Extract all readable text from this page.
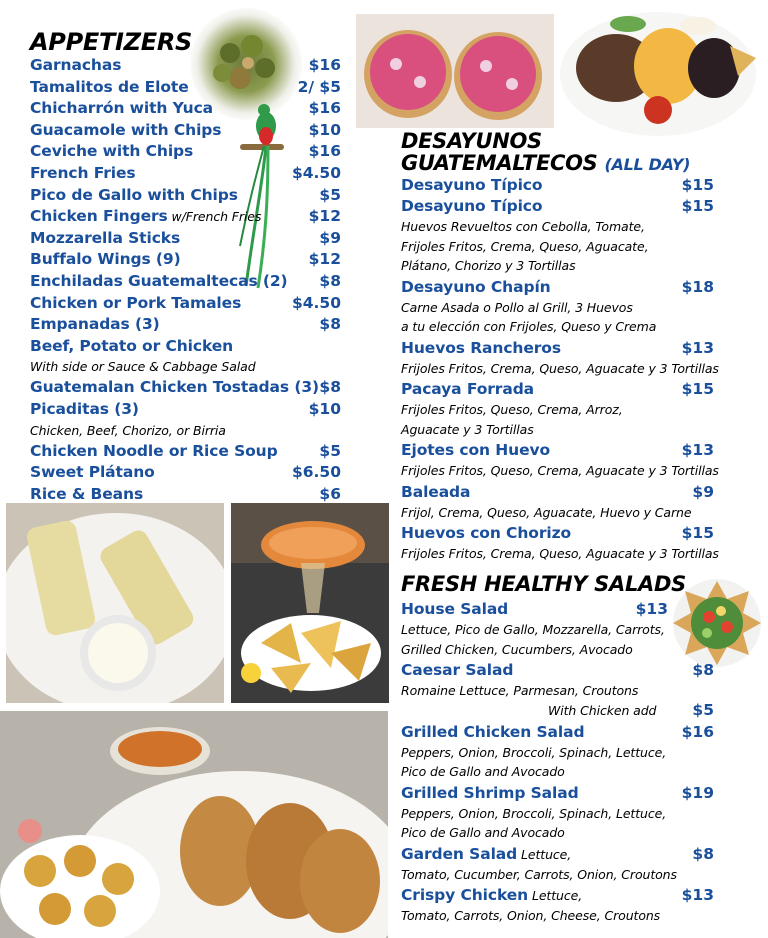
APPETIZERS
Garnachas	$16
Tamalitos de Elote	2/ $5
Chicharrón with Yuca	$16
Guacamole with Chips	$10
Ceviche with Chips	$16
French Fries	$4.50
Pico de Gallo with Chips	$5
Chicken Fingers w/French Fries	$12
Mozzarella Sticks	$9
Buffalo Wings (9)	$12
Enchiladas Guatemaltecas (2) $8
Chicken or Pork Tamales	$4.50
Empanadas (3)	$8
Beef, Potato or Chicken
With side or Sauce & Cabbage Salad
Guatemalan Chicken Tostadas (3) $8
Picaditas (3)	$10
Chicken, Beef, Chorizo, or Birria
Chicken Noodle or Rice Soup	$5
Sweet Plátano	$6.50
Rice & Beans	$6
DESAYUNOS
GUATEMALTECOS (ALL DAY)
Desayuno Típico	$15
Desayuno Típico	$15
Huevos Revueltos con Cebolla, Tomate,
Frijoles Fritos, Crema, Queso, Aguacate,
Plátano, Chorizo y 3 Tortillas
Desayuno Chapín	$18
Carne Asada o Pollo al Grill, 3 Huevos
a tu elección con Frijoles, Queso y Crema
Huevos Rancheros	$13
Frijoles Fritos, Crema, Queso, Aguacate y 3 Tortillas
Pacaya Forrada	$15
Frijoles Fritos, Queso, Crema, Arroz,
Aguacate y 3 Tortillas
Ejotes con Huevo	$13
Frijoles Fritos, Queso, Crema, Aguacate y 3 Tortillas
Baleada	$9
Frijol, Crema, Queso, Aguacate, Huevo y Carne
Huevos con Chorizo	$15
Frijoles Fritos, Crema, Queso, Aguacate y 3 Tortillas
FRESH HEALTHY SALADS
House Salad	$13
Lettuce, Pico de Gallo, Mozzarella, Carrots,
Grilled Chicken, Cucumbers, Avocado
Caesar Salad	$8
Romaine Lettuce, Parmesan, Croutons
With Chicken add $5
Grilled Chicken Salad	$16
Peppers, Onion, Broccoli, Spinach, Lettuce,
Pico de Gallo and Avocado
Grilled Shrimp Salad	$19
Peppers, Onion, Broccoli, Spinach, Lettuce,
Pico de Gallo and Avocado
Garden Salad Lettuce,	$8
Tomato, Cucumber, Carrots, Onion, Croutons
Crispy Chicken Lettuce,	$13
Tomato, Carrots, Onion, Cheese, Croutons
